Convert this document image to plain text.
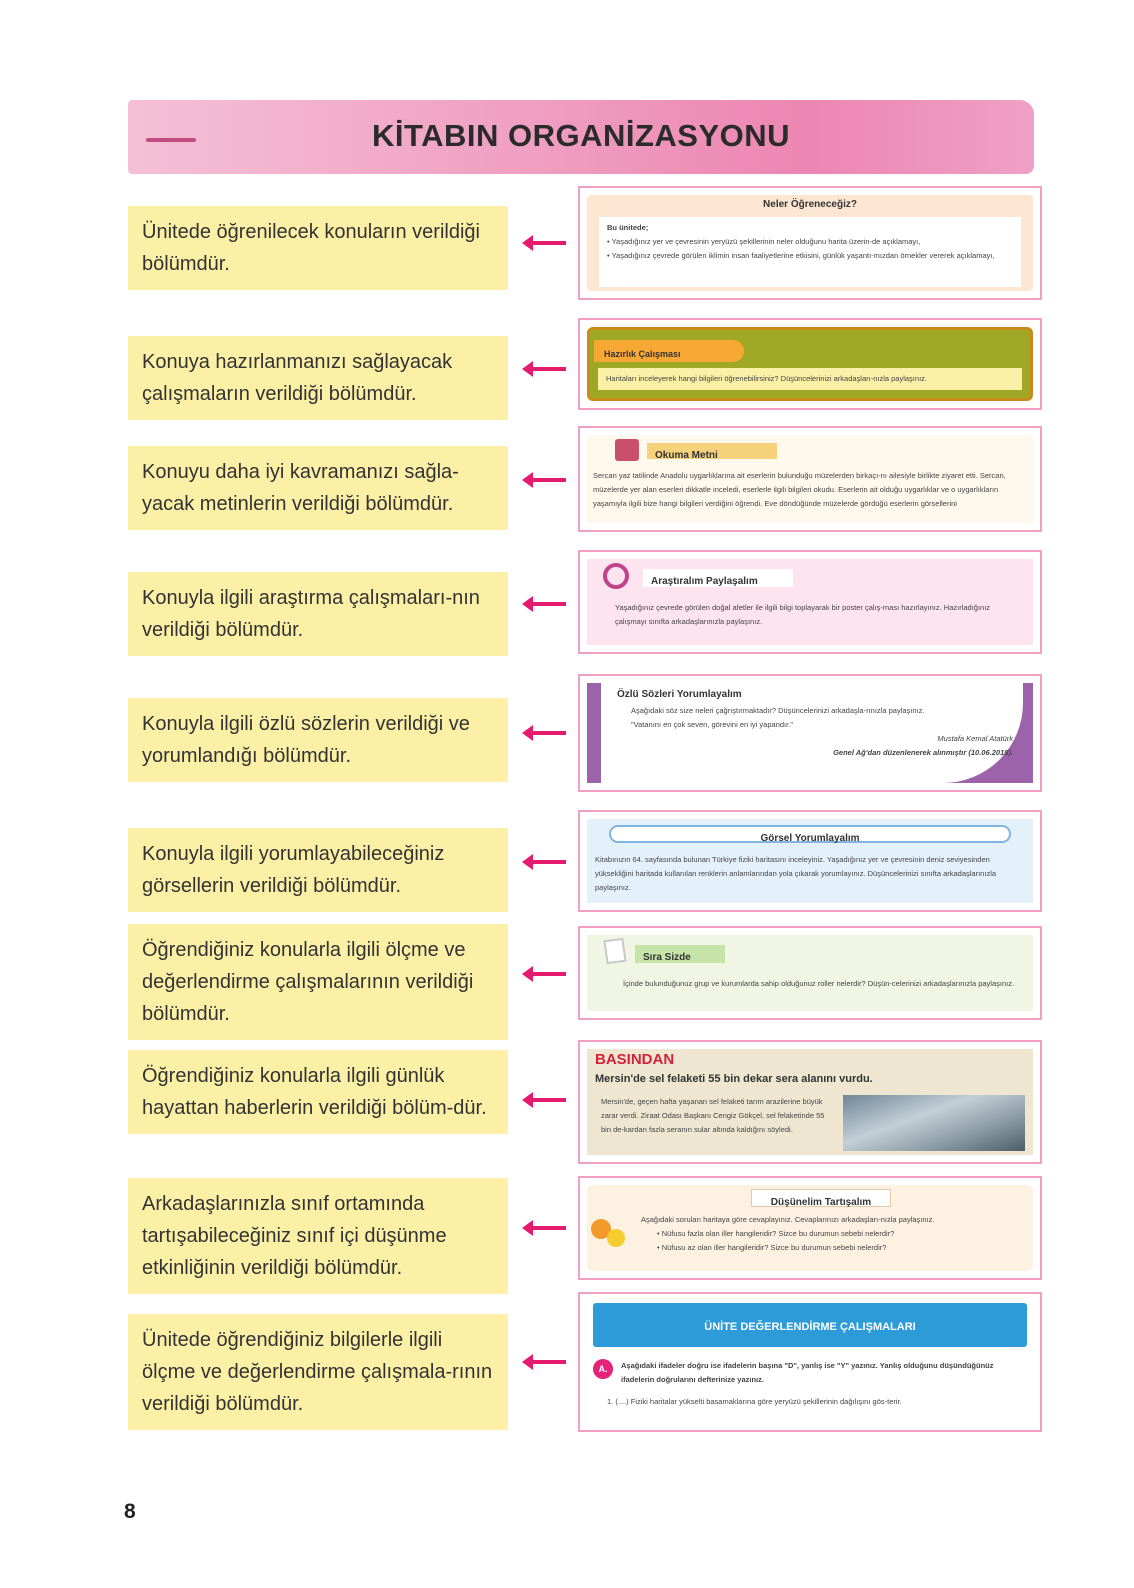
KİTABIN ORGANİZASYONU
Ünitede öğrenilecek konuların verildiği bölümdür.
Konuya hazırlanmanızı sağlayacak çalışmaların verildiği bölümdür.
Konuyu daha iyi kavramanızı sağla-yacak metinlerin verildiği bölümdür.
Konuyla ilgili araştırma çalışmaları-nın verildiği bölümdür.
Konuyla ilgili özlü sözlerin verildiği ve yorumlandığı bölümdür.
Konuyla ilgili yorumlayabileceğiniz görsellerin verildiği bölümdür.
Öğrendiğiniz konularla ilgili ölçme ve değerlendirme çalışmalarının verildiği bölümdür.
Öğrendiğiniz konularla ilgili günlük hayattan haberlerin verildiği bölüm-dür.
Arkadaşlarınızla sınıf ortamında tartışabileceğiniz sınıf içi düşünme etkinliğinin verildiği bölümdür.
Ünitede öğrendiğiniz bilgilerle ilgili ölçme ve değerlendirme çalışmala-rının verildiği bölümdür.
Neler Öğreneceğiz?
Bu ünitede;
• Yaşadığınız yer ve çevresinin yeryüzü şekillerinin neler olduğunu harita üzerin-de açıklamayı,
• Yaşadığınız çevrede görülen iklimin insan faaliyetlerine etkisini, günlük yaşantı-mızdan örnekler vererek açıklamayı,
Hazırlık Çalışması
Haritaları inceleyerek hangi bilgileri öğrenebilirsiniz? Düşüncelerinizi arkadaşları-nızla paylaşınız.
Okuma Metni
Sercan yaz tatilinde Anadolu uygarlıklarına ait eserlerin bulunduğu müzelerden birkaçı-nı ailesiyle birlikte ziyaret etti. Sercan, müzelerde yer alan eserleri dikkatle inceledi, eserlerle ilgili bilgileri okudu. Eserlerin ait olduğu uygarlıklar ve o uygarlıkların yaşamıyla ilgili bize hangi bilgileri verdiğini öğrendi. Eve döndüğünde müzelerde gördüğü eserlerin görsellerini
Araştıralım Paylaşalım
Yaşadığınız çevrede görülen doğal afetler ile ilgili bilgi toplayarak bir poster çalış-ması hazırlayınız. Hazırladığınız çalışmayı sınıfta arkadaşlarınızla paylaşınız.
Özlü Sözleri Yorumlayalım
Aşağıdaki söz size neleri çağrıştırmaktadır? Düşüncelerinizi arkadaşla-rınızla paylaşınız.
"Vatanını en çok seven, görevini en iyi yapandır."
Mustafa Kemal Atatürk
Genel Ağ'dan düzenlenerek alınmıştır (10.06.2018).
Görsel Yorumlayalım
Kitabınızın 64. sayfasında bulunan Türkiye fiziki haritasını inceleyiniz. Yaşadığınız yer ve çevresinin deniz seviyesinden yüksekliğini haritada kullanılan renklerin anlamlarından yola çıkarak yorumlayınız. Düşüncelerinizi sınıfta arkadaşlarınızla paylaşınız.
Sıra Sizde
İçinde bulunduğunuz grup ve kurumlarda sahip olduğunuz roller nelerdir? Düşün-celerinizi arkadaşlarınızla paylaşınız.
BASINDAN
Mersin'de sel felaketi 55 bin dekar sera alanını vurdu.
Mersin'de, geçen hafta yaşanan sel felaketi tarım arazilerine büyük zarar verdi. Ziraat Odası Başkanı Cengiz Gökçel, sel felaketinde 55 bin de-kardan fazla seranın sular altında kaldığını söyledi.
Düşünelim Tartışalım
Aşağıdaki soruları haritaya göre cevaplayınız. Cevaplarınızı arkadaşları-nızla paylaşınız.
• Nüfusu fazla olan iller hangileridir? Sizce bu durumun sebebi nelerdir?
• Nüfusu az olan iller hangileridir? Sizce bu durumun sebebi nelerdir?
ÜNİTE DEĞERLENDİRME ÇALIŞMALARI
A.	Aşağıdaki ifadeler doğru ise ifadelerin başına "D", yanlış ise "Y" yazınız. Yanlış olduğunu düşündüğünüz ifadelerin doğrularını defterinize yazınız.
1. (....) Fiziki haritalar yükselti basamaklarına göre yeryüzü şekillerinin dağılışını gös-terir.
8
